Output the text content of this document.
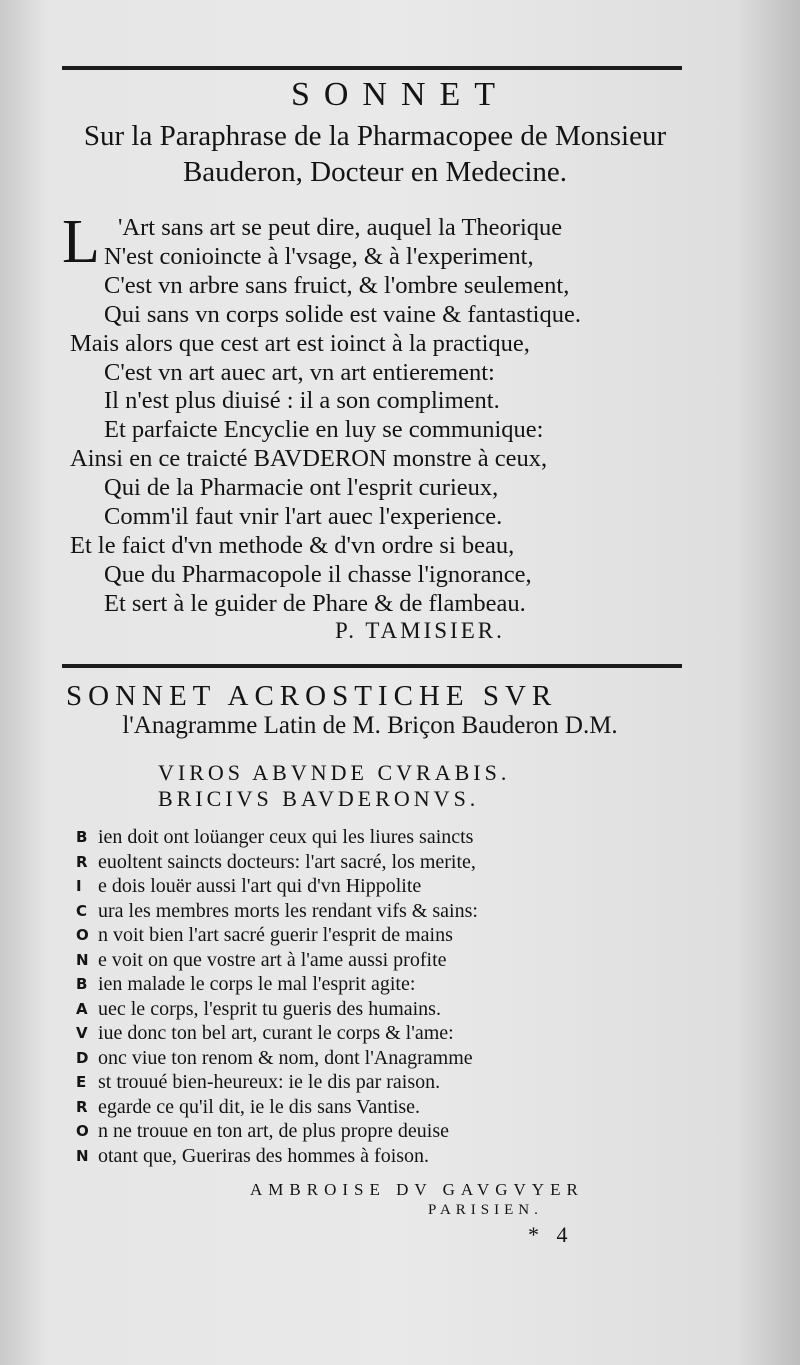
SONNET
Sur la Paraphrase de la Pharmacopee de Monsieur
Bauderon, Docteur en Medecine.
L 'Art sans art se peut dire, auquel la Theorique
N'est conioincte à l'vsage, & à l'experiment,
C'est vn arbre sans fruict, & l'ombre seulement,
Qui sans vn corps solide est vaine & fantastique.
Mais alors que cest art est ioinct à la practique,
C'est vn art auec art, vn art entierement:
Il n'est plus diuisé : il a son compliment.
Et parfaicte Encyclie en luy se communique:
Ainsi en ce traicté BAVDERON monstre à ceux,
Qui de la Pharmacie ont l'esprit curieux,
Comm'il faut vnir l'art auec l'experience.
Et le faict d'vn methode & d'vn ordre si beau,
Que du Pharmacopole il chasse l'ignorance,
Et sert à le guider de Phare & de flambeau.
P. TAMISIER.
SONNET ACROSTICHE SVR
l'Anagramme Latin de M. Briçon Bauderon D.M.
VIROS ABVNDE CVRABIS.
BRICIVS BAVDERONVS.
B ien doit ont loüanger ceux qui les liures saincts
R euoltent saincts docteurs: l'art sacré, los merite,
I e dois louër aussi l'art qui d'vn Hippolite
C ura les membres morts les rendant vifs & sains:
O n voit bien l'art sacré guerir l'esprit de mains
N e voit on que vostre art à l'ame aussi profite
B ien malade le corps le mal l'esprit agite:
A uec le corps, l'esprit tu gueris des humains.
V iue donc ton bel art, curant le corps & l'ame:
D onc viue ton renom & nom, dont l'Anagramme
E st trouué bien-heureux: ie le dis par raison.
R egarde ce qu'il dit, ie le dis sans Vantise.
O n ne trouue en ton art, de plus propre deuise
N otant que, Gueriras des hommes à foison.
AMBROISE DV GAVGVYER
PARISIEN.
* 4
